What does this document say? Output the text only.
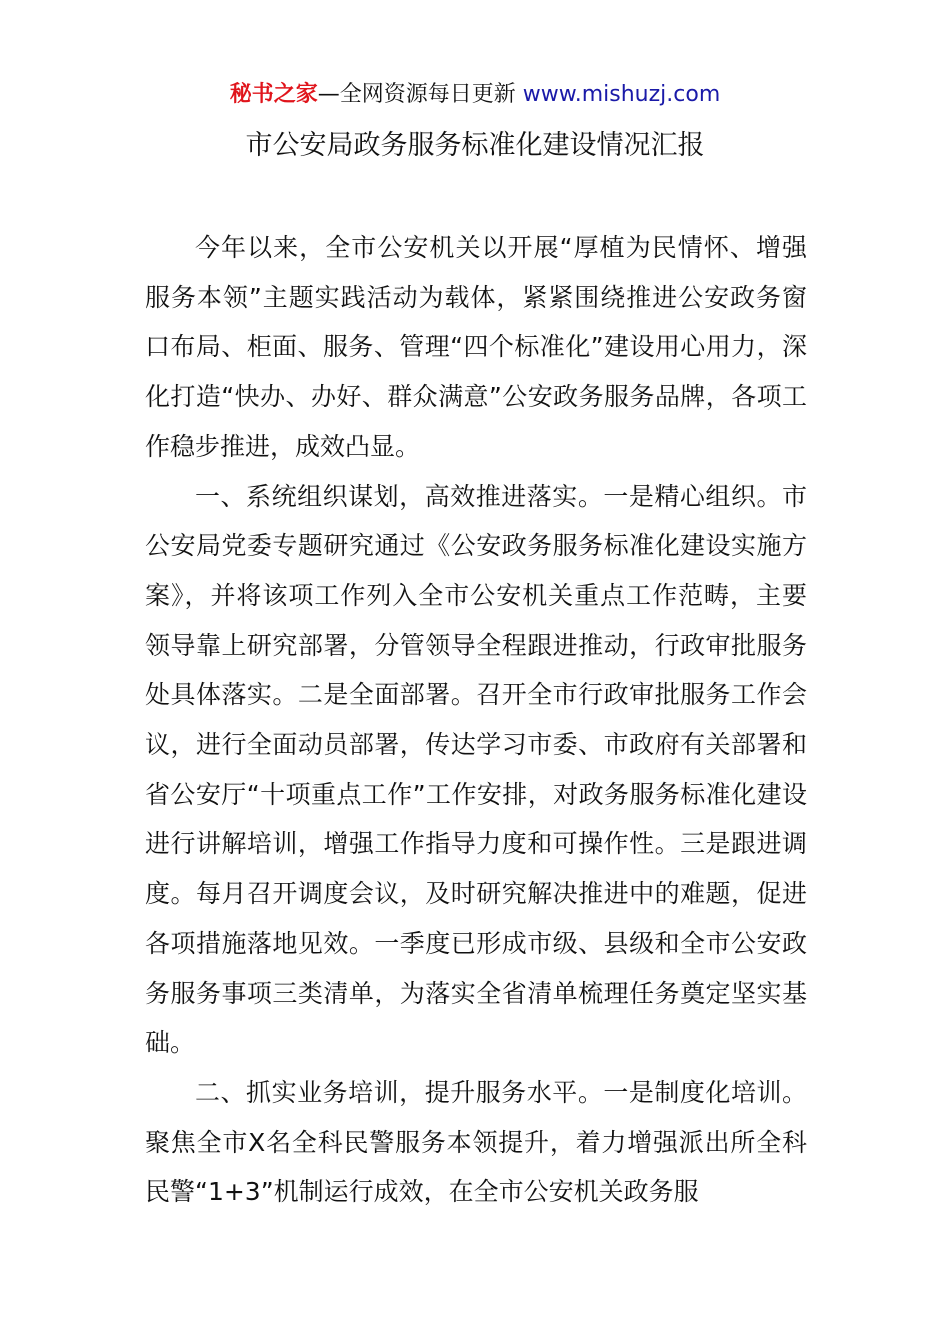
秘书之家—全网资源每日更新 www.mishuzj.com
市公安局政务服务标准化建设情况汇报

今年以来，全市公安机关以开展“厚植为民情怀、增强服务本领”主题实践活动为载体，紧紧围绕推进公安政务窗口布局、柜面、服务、管理“四个标准化”建设用心用力，深化打造“快办、办好、群众满意”公安政务服务品牌，各项工作稳步推进，成效凸显。

一、系统组织谋划，高效推进落实。一是精心组织。市公安局党委专题研究通过《公安政务服务标准化建设实施方案》，并将该项工作列入全市公安机关重点工作范畴，主要领导靠上研究部署，分管领导全程跟进推动，行政审批服务处具体落实。二是全面部署。召开全市行政审批服务工作会议，进行全面动员部署，传达学习市委、市政府有关部署和省公安厅“十项重点工作”工作安排，对政务服务标准化建设进行讲解培训，增强工作指导力度和可操作性。三是跟进调度。每月召开调度会议，及时研究解决推进中的难题，促进各项措施落地见效。一季度已形成市级、县级和全市公安政务服务事项三类清单，为落实全省清单梳理任务奠定坚实基础。

二、抓实业务培训，提升服务水平。一是制度化培训。聚焦全市X名全科民警服务本领提升，着力增强派出所全科民警“1+3”机制运行成效，在全市公安机关政务服
